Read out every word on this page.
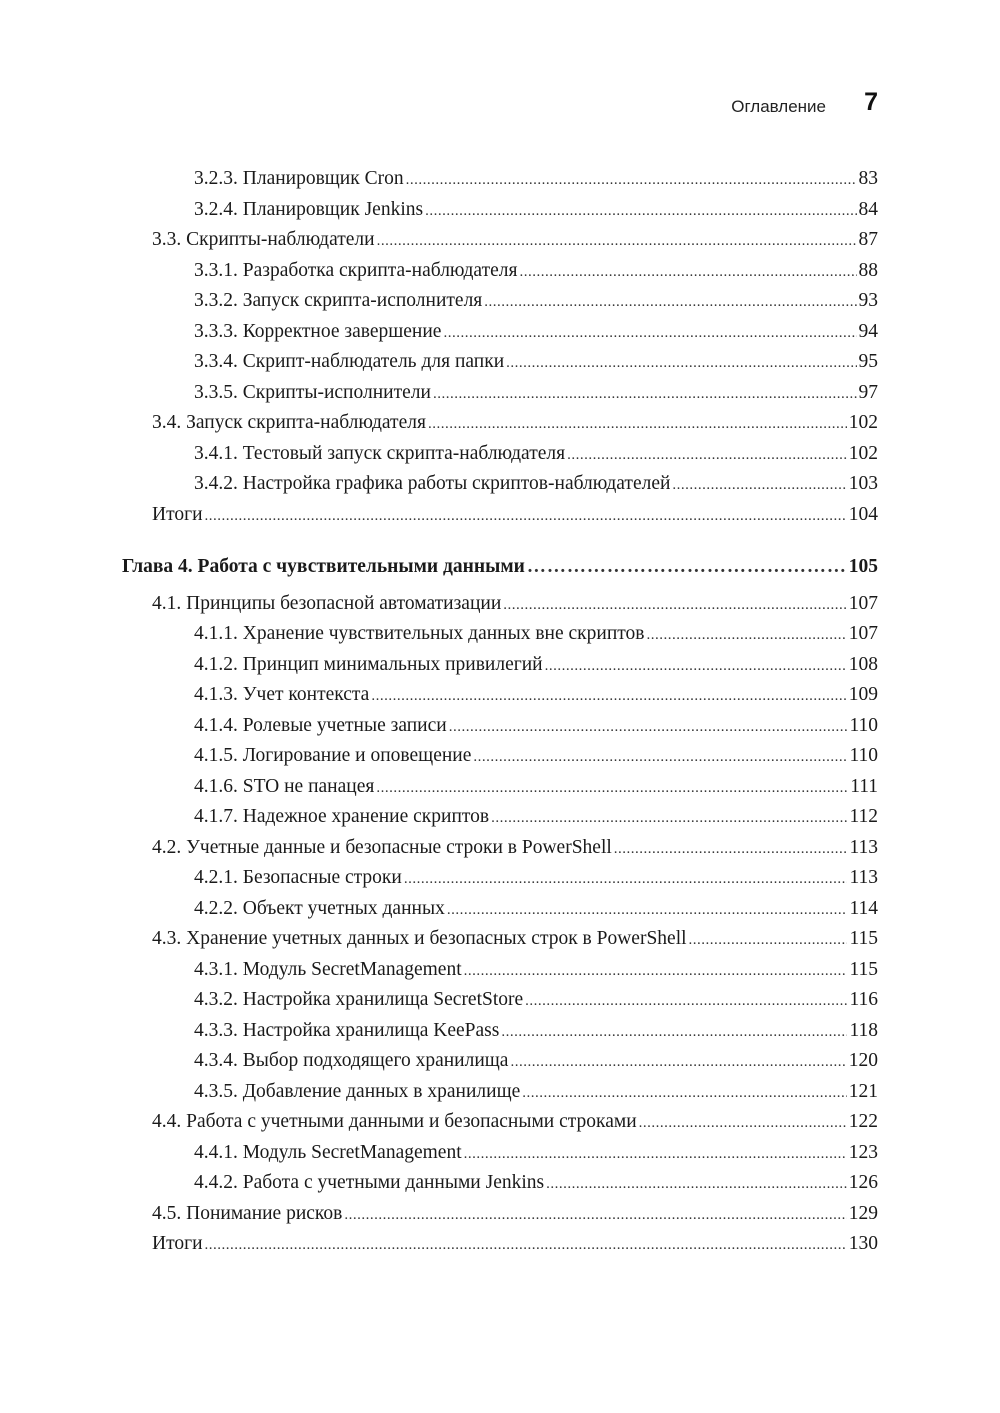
Оглавление 7
3.2.3. Планировщик Cron .....	83
3.2.4. Планировщик Jenkins .....	84
3.3. Скрипты-наблюдатели .....	87
3.3.1. Разработка скрипта-наблюдателя .....	88
3.3.2. Запуск скрипта-исполнителя .....	93
3.3.3. Корректное завершение .....	94
3.3.4. Скрипт-наблюдатель для папки .....	95
3.3.5. Скрипты-исполнители .....	97
3.4. Запуск скрипта-наблюдателя .....	102
3.4.1. Тестовый запуск скрипта-наблюдателя .....	102
3.4.2. Настройка графика работы скриптов-наблюдателей .....	103
Итоги .....	104
Глава 4. Работа с чувствительными данными ………………………………………………………………………………………………………………………………………………	105
4.1. Принципы безопасной автоматизации .....	107
4.1.1. Хранение чувствительных данных вне скриптов .....	107
4.1.2. Принцип минимальных привилегий .....	108
4.1.3. Учет контекста .....	109
4.1.4. Ролевые учетные записи .....	110
4.1.5. Логирование и оповещение .....	110
4.1.6. STO не панацея .....	111
4.1.7. Надежное хранение скриптов .....	112
4.2. Учетные данные и безопасные строки в PowerShell .....	113
4.2.1. Безопасные строки .....	113
4.2.2. Объект учетных данных .....	114
4.3. Хранение учетных данных и безопасных строк в PowerShell .....	115
4.3.1. Модуль SecretManagement .....	115
4.3.2. Настройка хранилища SecretStore .....	116
4.3.3. Настройка хранилища KeePass .....	118
4.3.4. Выбор подходящего хранилища .....	120
4.3.5. Добавление данных в хранилище .....	121
4.4. Работа с учетными данными и безопасными строками .....	122
4.4.1. Модуль SecretManagement .....	123
4.4.2. Работа с учетными данными Jenkins .....	126
4.5. Понимание рисков .....	129
Итоги .....	130
